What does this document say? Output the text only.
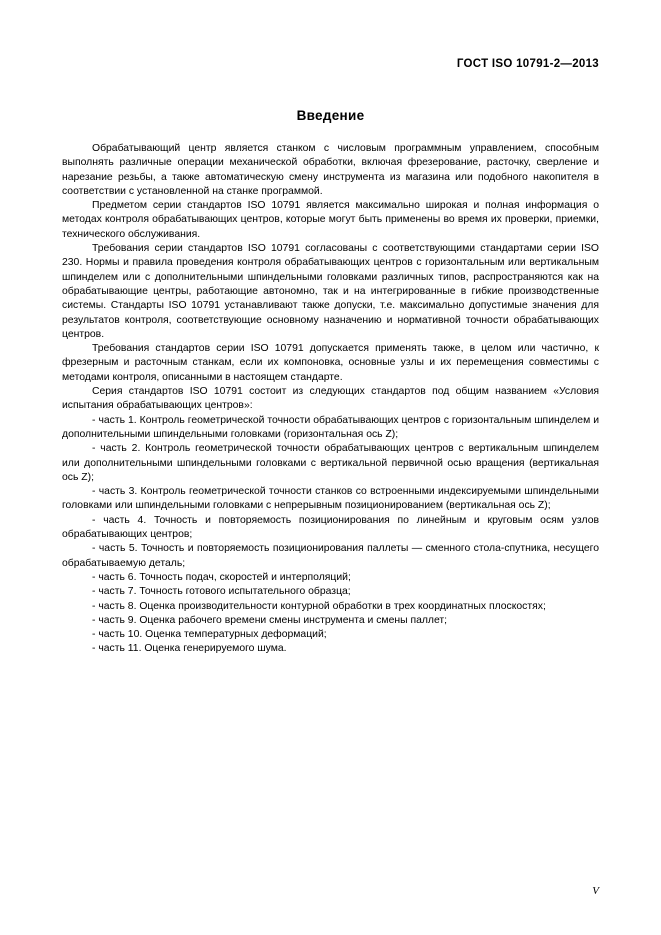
ГОСТ ISO 10791-2—2013
Введение

Обрабатывающий центр является станком с числовым программным управлением, способным выполнять различные операции механической обработки, включая фрезерование, расточку, сверление и нарезание резьбы, а также автоматическую смену инструмента из магазина или подобного накопителя в соответствии с установленной на станке программой.

Предметом серии стандартов ISO 10791 является максимально широкая и полная информация о методах контроля обрабатывающих центров, которые могут быть применены во время их проверки, приемки, технического обслуживания.

Требования серии стандартов ISO 10791 согласованы с соответствующими стандартами серии ISO 230. Нормы и правила проведения контроля обрабатывающих центров с горизонтальным или вертикальным шпинделем или с дополнительными шпиндельными головками различных типов, распространяются как на обрабатывающие центры, работающие автономно, так и на интегрированные в гибкие производственные системы. Стандарты ISO 10791 устанавливают также допуски, т.е. максимально допустимые значения для результатов контроля, соответствующие основному назначению и нормативной точности обрабатывающих центров.

Требования стандартов серии ISO 10791 допускается применять также, в целом или частично, к фрезерным и расточным станкам, если их компоновка, основные узлы и их перемещения совместимы с методами контроля, описанными в настоящем стандарте.

Серия стандартов ISO 10791 состоит из следующих стандартов под общим названием «Условия испытания обрабатывающих центров»:

- часть 1. Контроль геометрической точности обрабатывающих центров с горизонтальным шпинделем и дополнительными шпиндельными головками (горизонтальная ось Z);

- часть 2. Контроль геометрической точности обрабатывающих центров с вертикальным шпинделем или дополнительными шпиндельными головками с вертикальной первичной осью вращения (вертикальная ось Z);

- часть 3. Контроль геометрической точности станков со встроенными индексируемыми шпиндельными головками или шпиндельными головками с непрерывным позиционированием (вертикальная ось Z);

- часть 4. Точность и повторяемость позиционирования по линейным и круговым осям узлов обрабатывающих центров;

- часть 5. Точность и повторяемость позиционирования паллеты — сменного стола-спутника, несущего обрабатываемую деталь;

- часть 6. Точность подач, скоростей и интерполяций;

- часть 7. Точность готового испытательного образца;

- часть 8. Оценка производительности контурной обработки в трех координатных плоскостях;

- часть 9. Оценка рабочего времени смены инструмента и смены паллет;

- часть 10. Оценка температурных деформаций;

- часть 11. Оценка генерируемого шума.

V
